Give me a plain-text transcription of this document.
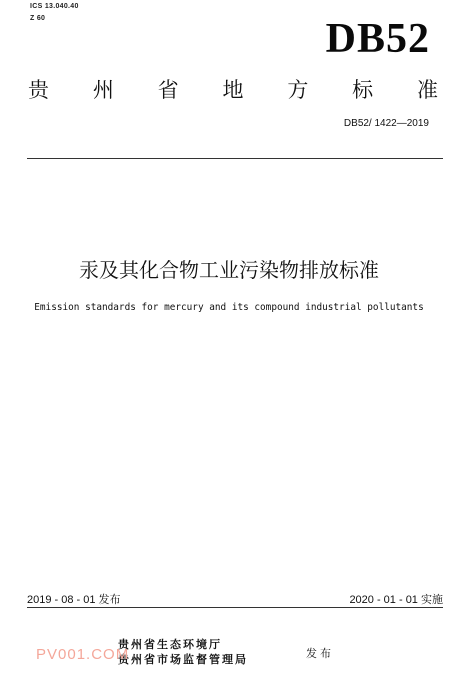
ICS 13.040.40
Z 60	DB52
贵 州 省 地 方 标 准
DB52/ 1422—2019
汞及其化合物工业污染物排放标准
Emission standards for mercury and its compound industrial pollutants
2019 - 08 - 01 发布	2020 - 01 - 01 实施
贵州省生态环境厅
贵州省市场监督管理局	发布
PV001.COM
